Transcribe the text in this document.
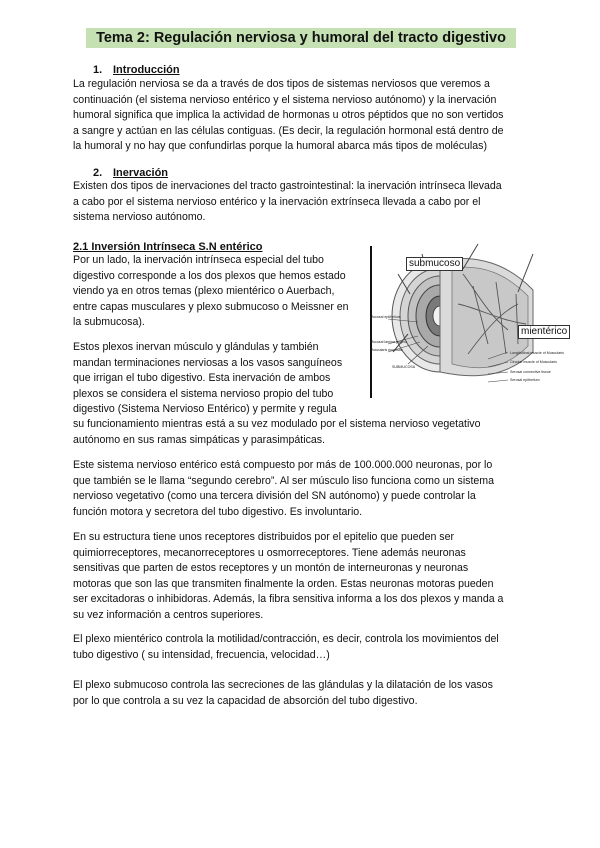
Tema 2: Regulación nerviosa y humoral del tracto digestivo
1. Introducción

La regulación nerviosa se da a través de dos tipos de sistemas nerviosos que veremos a
continuación (el sistema nervioso entérico y el sistema nervioso autónomo) y la inervación
humoral significa que implica la actividad de hormonas u otros péptidos que no son vertidos
a sangre y actúan en las células contiguas. (Es decir, la regulación hormonal está dentro de
la humoral y no hay que confundirlas porque la humoral abarca más tipos de moléculas)

2. Inervación

Existen dos tipos de inervaciones del tracto gastrointestinal: la inervación intrínseca llevada
a cabo por el sistema nervioso entérico y la inervación extrínseca llevada a cabo por el
sistema nervioso autónomo.

2.1 Inversión Intrínseca S.N entérico

Por un lado, la inervación intrínseca especial del tubo
digestivo corresponde a los dos plexos que hemos estado
viendo ya en otros temas (plexo mientérico o Auerbach,
entre capas musculares y plexo submucoso o Meissner en
la submucosa).

Estos plexos inervan músculo y glándulas y también
mandan terminaciones nerviosas a los vasos sanguíneos
que irrigan el tubo digestivo. Esta inervación de ambos
plexos se considera el sistema nervioso propio del tubo
digestivo (Sistema Nervioso Entérico) y permite y regula

su funcionamiento mientras está a su vez modulado por el sistema nervioso vegetativo
autónomo en sus ramas simpáticas y parasimpáticas.

Este sistema nervioso entérico está compuesto por más de 100.000.000 neuronas, por lo
que también se le llama “segundo cerebro”. Al ser músculo liso funciona como un sistema
nervioso vegetativo (como una tercera división del SN autónomo) y puede controlar la
función motora y secretora del tubo digestivo. Es involuntario.

En su estructura tiene unos receptores distribuidos por el epitelio que pueden ser
quimiorreceptores, mecanorreceptores u osmorreceptores. Tiene además neuronas
sensitivas que parten de estos receptores y un montón de interneuronas y neuronas
motoras que son las que transmiten finalmente la orden. Estas neuronas motoras pueden
ser excitadoras o inhibidoras. Además, la fibra sensitiva informa a los dos plexos y manda a
su vez información a centros superiores.

El plexo mientérico controla la motilidad/contracción, es decir, controla los movimientos del
tubo digestivo ( su intensidad, frecuencia, velocidad…)

El plexo submucoso controla las secreciones de las glándulas y la dilatación de los vasos
por lo que controla a su vez la capacidad de absorción del tubo digestivo.

Mucosal epithelium
Mucosal lamina propria
Muscularis mucosae
SUBMUCOSA
Longitudinal muscle of Muscularis
Circular muscle of Muscularis
Serosal connective tissue
Serosal epithelium
submucoso
mientérico
